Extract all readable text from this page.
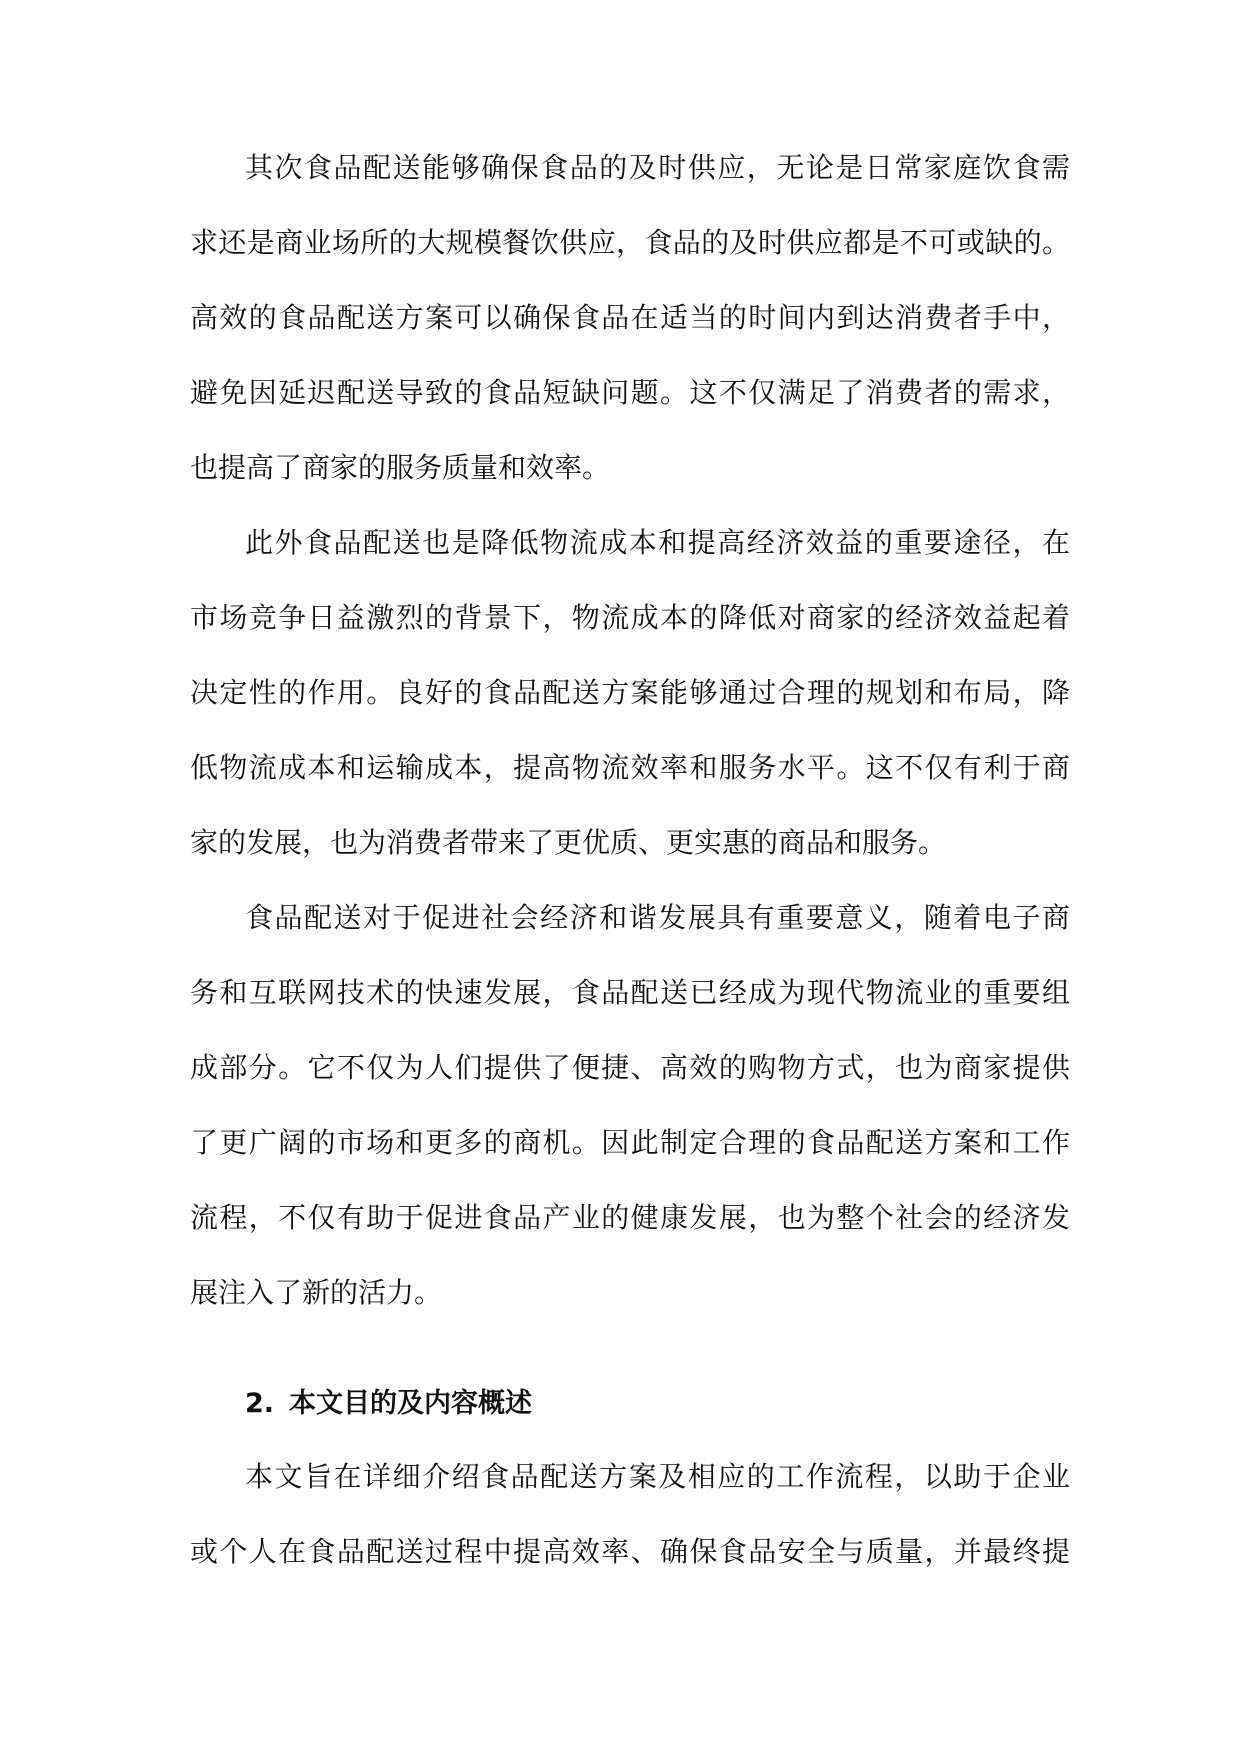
其次食品配送能够确保食品的及时供应，无论是日常家庭饮食需
求还是商业场所的大规模餐饮供应，食品的及时供应都是不可或缺的。
高效的食品配送方案可以确保食品在适当的时间内到达消费者手中，
避免因延迟配送导致的食品短缺问题。这不仅满足了消费者的需求，
也提高了商家的服务质量和效率。
此外食品配送也是降低物流成本和提高经济效益的重要途径，在
市场竞争日益激烈的背景下，物流成本的降低对商家的经济效益起着
决定性的作用。良好的食品配送方案能够通过合理的规划和布局，降
低物流成本和运输成本，提高物流效率和服务水平。这不仅有利于商
家的发展，也为消费者带来了更优质、更实惠的商品和服务。
食品配送对于促进社会经济和谐发展具有重要意义，随着电子商
务和互联网技术的快速发展，食品配送已经成为现代物流业的重要组
成部分。它不仅为人们提供了便捷、高效的购物方式，也为商家提供
了更广阔的市场和更多的商机。因此制定合理的食品配送方案和工作
流程，不仅有助于促进食品产业的健康发展，也为整个社会的经济发
展注入了新的活力。
2. 本文目的及内容概述
本文旨在详细介绍食品配送方案及相应的工作流程，以助于企业
或个人在食品配送过程中提高效率、确保食品安全与质量，并最终提
